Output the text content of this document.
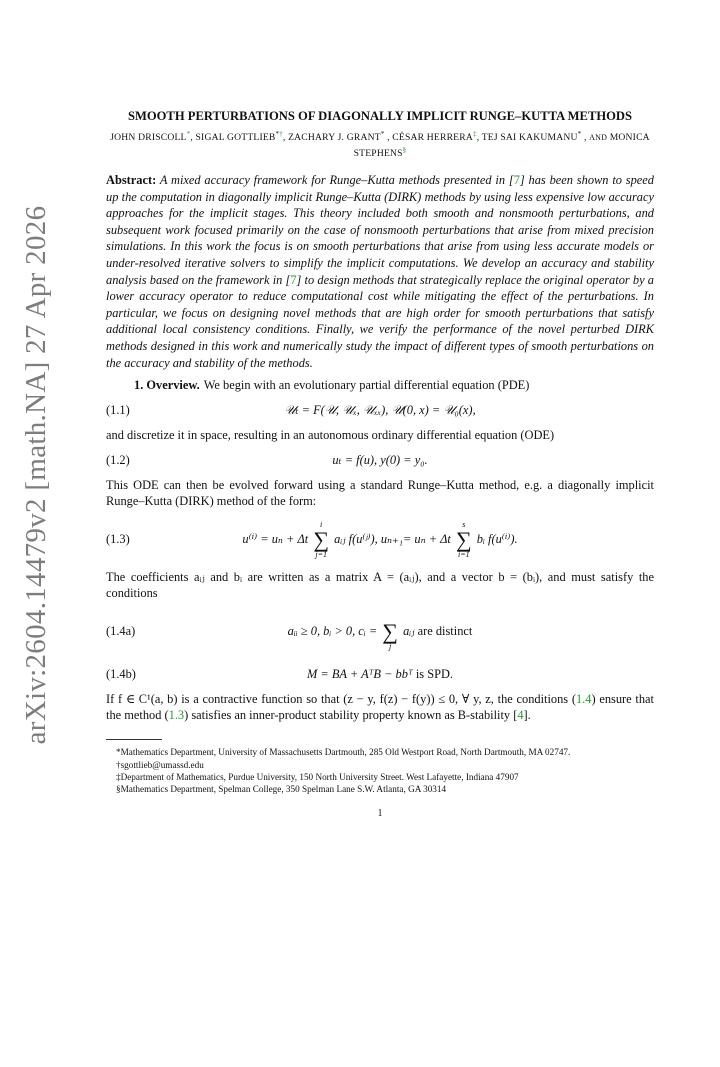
arXiv:2604.14479v2 [math.NA] 27 Apr 2026
SMOOTH PERTURBATIONS OF DIAGONALLY IMPLICIT RUNGE–KUTTA METHODS
JOHN DRISCOLL*, SIGAL GOTTLIEB*†, ZACHARY J. GRANT* , CÉSAR HERRERA‡, TEJ SAI KAKUMANU* , AND MONICA STEPHENS§
Abstract: A mixed accuracy framework for Runge–Kutta methods presented in [7] has been shown to speed up the computation in diagonally implicit Runge–Kutta (DIRK) methods by using less expensive low accuracy approaches for the implicit stages. This theory included both smooth and nonsmooth perturbations, and subsequent work focused primarily on the case of nonsmooth perturbations that arise from mixed precision simulations. In this work the focus is on smooth perturbations that arise from using less accurate models or under-resolved iterative solvers to simplify the implicit computations. We develop an accuracy and stability analysis based on the framework in [7] to design methods that strategically replace the original operator by a lower accuracy operator to reduce computational cost while mitigating the effect of the perturbations. In particular, we focus on designing novel methods that are high order for smooth perturbations that satisfy additional local consistency conditions. Finally, we verify the performance of the novel perturbed DIRK methods designed in this work and numerically study the impact of different types of smooth perturbations on the accuracy and stability of the methods.
1. Overview. We begin with an evolutionary partial differential equation (PDE)
(1.1)	𝒰ₜ = F(𝒰, 𝒰ₓ, 𝒰ₓₓ), 𝒰(0, x) = 𝒰₀(x),
and discretize it in space, resulting in an autonomous ordinary differential equation (ODE)
(1.2)	uₜ = f(u), y(0) = y₀.
This ODE can then be evolved forward using a standard Runge–Kutta method, e.g. a diagonally implicit Runge–Kutta (DIRK) method of the form:
(1.3)	u⁽ⁱ⁾ = uₙ + Δt
i
∑
j=1
aᵢⱼ f(u⁽ʲ⁾), uₙ₊₁= uₙ + Δt
s
∑
i=1
bᵢ f(u⁽ⁱ⁾).
The coefficients aᵢⱼ and bᵢ are written as a matrix A = (aᵢⱼ), and a vector b = (bᵢ), and must satisfy the conditions
(1.4a)	aᵢᵢ ≥ 0, bᵢ > 0, cᵢ =
∑
j
aᵢⱼ are distinct
(1.4b)	M = BA + AᵀB − bbᵀ is SPD.
If f ∈ C¹(a, b) is a contractive function so that (z − y, f(z) − f(y)) ≤ 0, ∀ y, z, the conditions (1.4) ensure that the method (1.3) satisfies an inner-product stability property known as B-stability [4].

*Mathematics Department, University of Massachusetts Dartmouth, 285 Old Westport Road, North Dartmouth, MA 02747.

†sgottlieb@umassd.edu

‡Department of Mathematics, Purdue University, 150 North University Street. West Lafayette, Indiana 47907

§Mathematics Department, Spelman College, 350 Spelman Lane S.W. Atlanta, GA 30314

1
